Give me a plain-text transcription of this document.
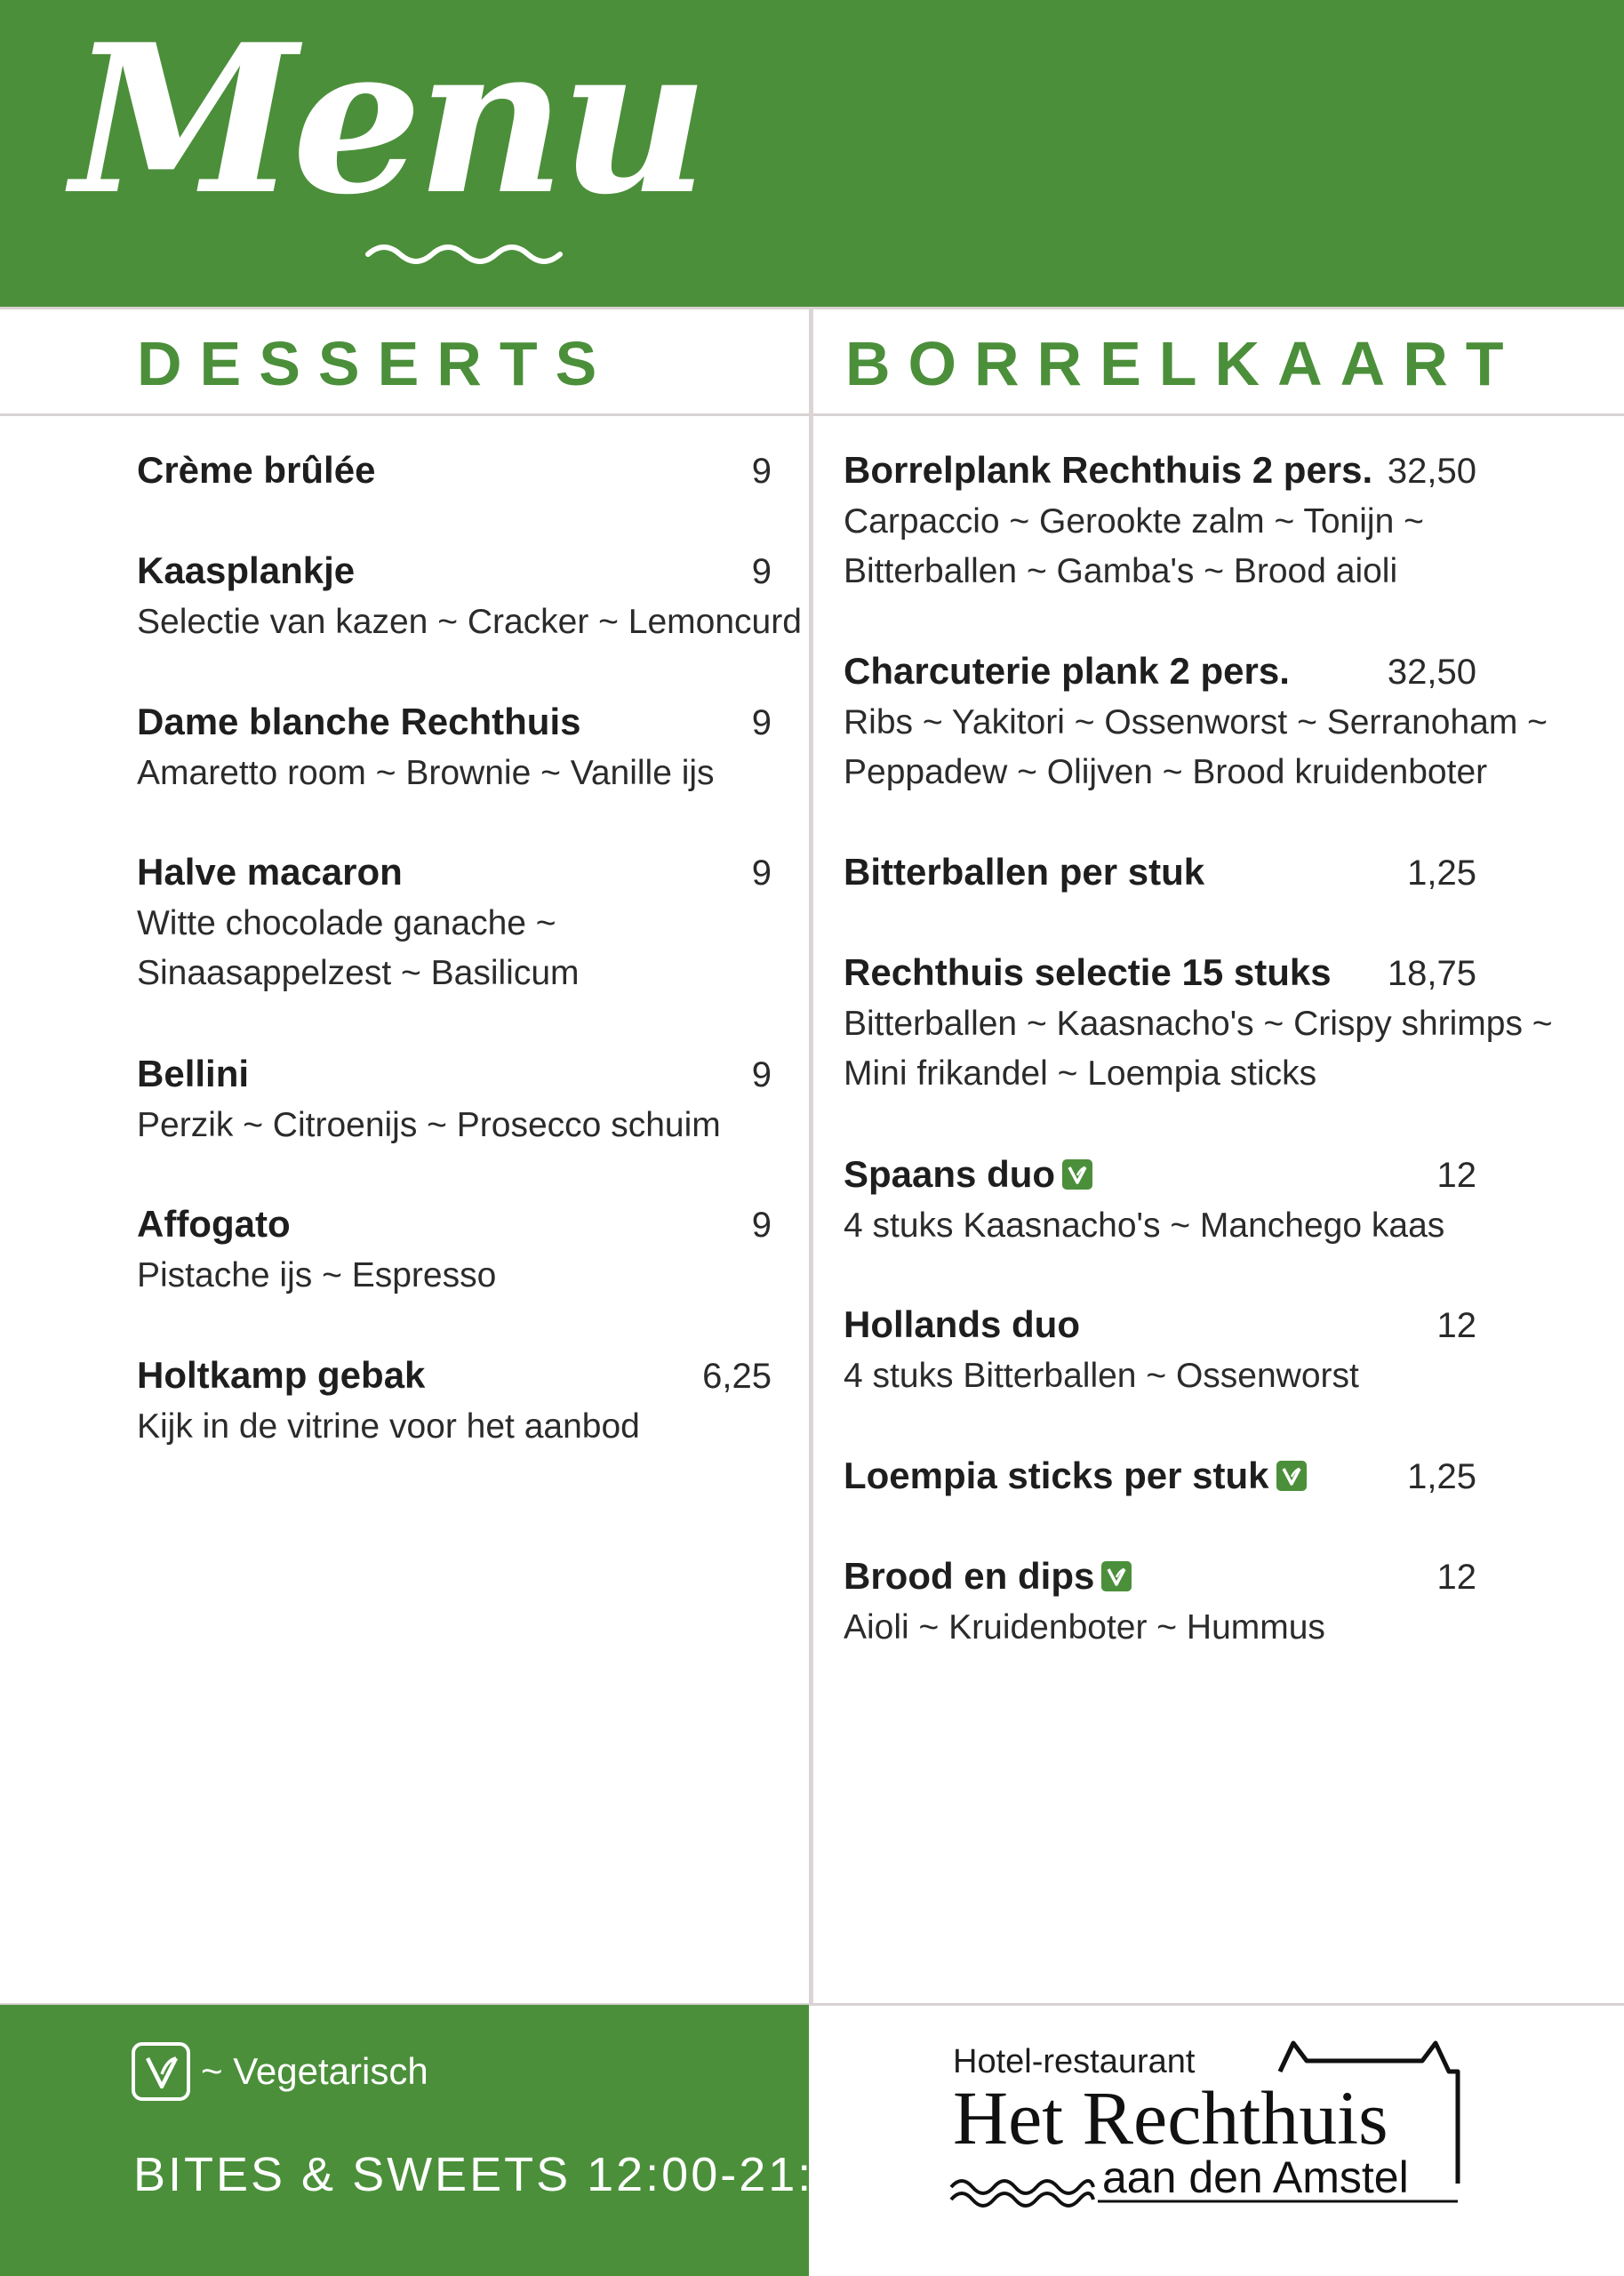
Menu
DESSERTS	BORRELKAART
Crème brûlée	9
Kaasplankje	9
Selectie van kazen ~ Cracker ~ Lemoncurd
Dame blanche Rechthuis	9
Amaretto room ~ Brownie ~ Vanille ijs
Halve macaron	9
Witte chocolade ganache ~
Sinaasappelzest ~ Basilicum
Bellini	9
Perzik ~ Citroenijs ~ Prosecco schuim
Affogato	9
Pistache ijs ~ Espresso
Holtkamp gebak	6,25
Kijk in de vitrine voor het aanbod
Borrelplank Rechthuis 2 pers. 32,50
Carpaccio ~ Gerookte zalm ~ Tonijn ~
Bitterballen ~ Gamba's ~ Brood aioli
Charcuterie plank 2 pers.	32,50
Ribs ~ Yakitori ~ Ossenworst ~ Serranoham ~
Peppadew ~ Olijven ~ Brood kruidenboter
Bitterballen per stuk	1,25
Rechthuis selectie 15 stuks 18,75
Bitterballen ~ Kaasnacho's ~ Crispy shrimps ~
Mini frikandel ~ Loempia sticks
Spaans duo	12
4 stuks Kaasnacho's ~ Manchego kaas
Hollands duo	12
4 stuks Bitterballen ~ Ossenworst
Loempia sticks per stuk	1,25
Brood en dips	12
Aioli ~ Kruidenboter ~ Hummus
~ Vegetarisch
BITES & SWEETS 12:00-21:00
Hotel-restaurant
Het Rechthuis
aan den Amstel
